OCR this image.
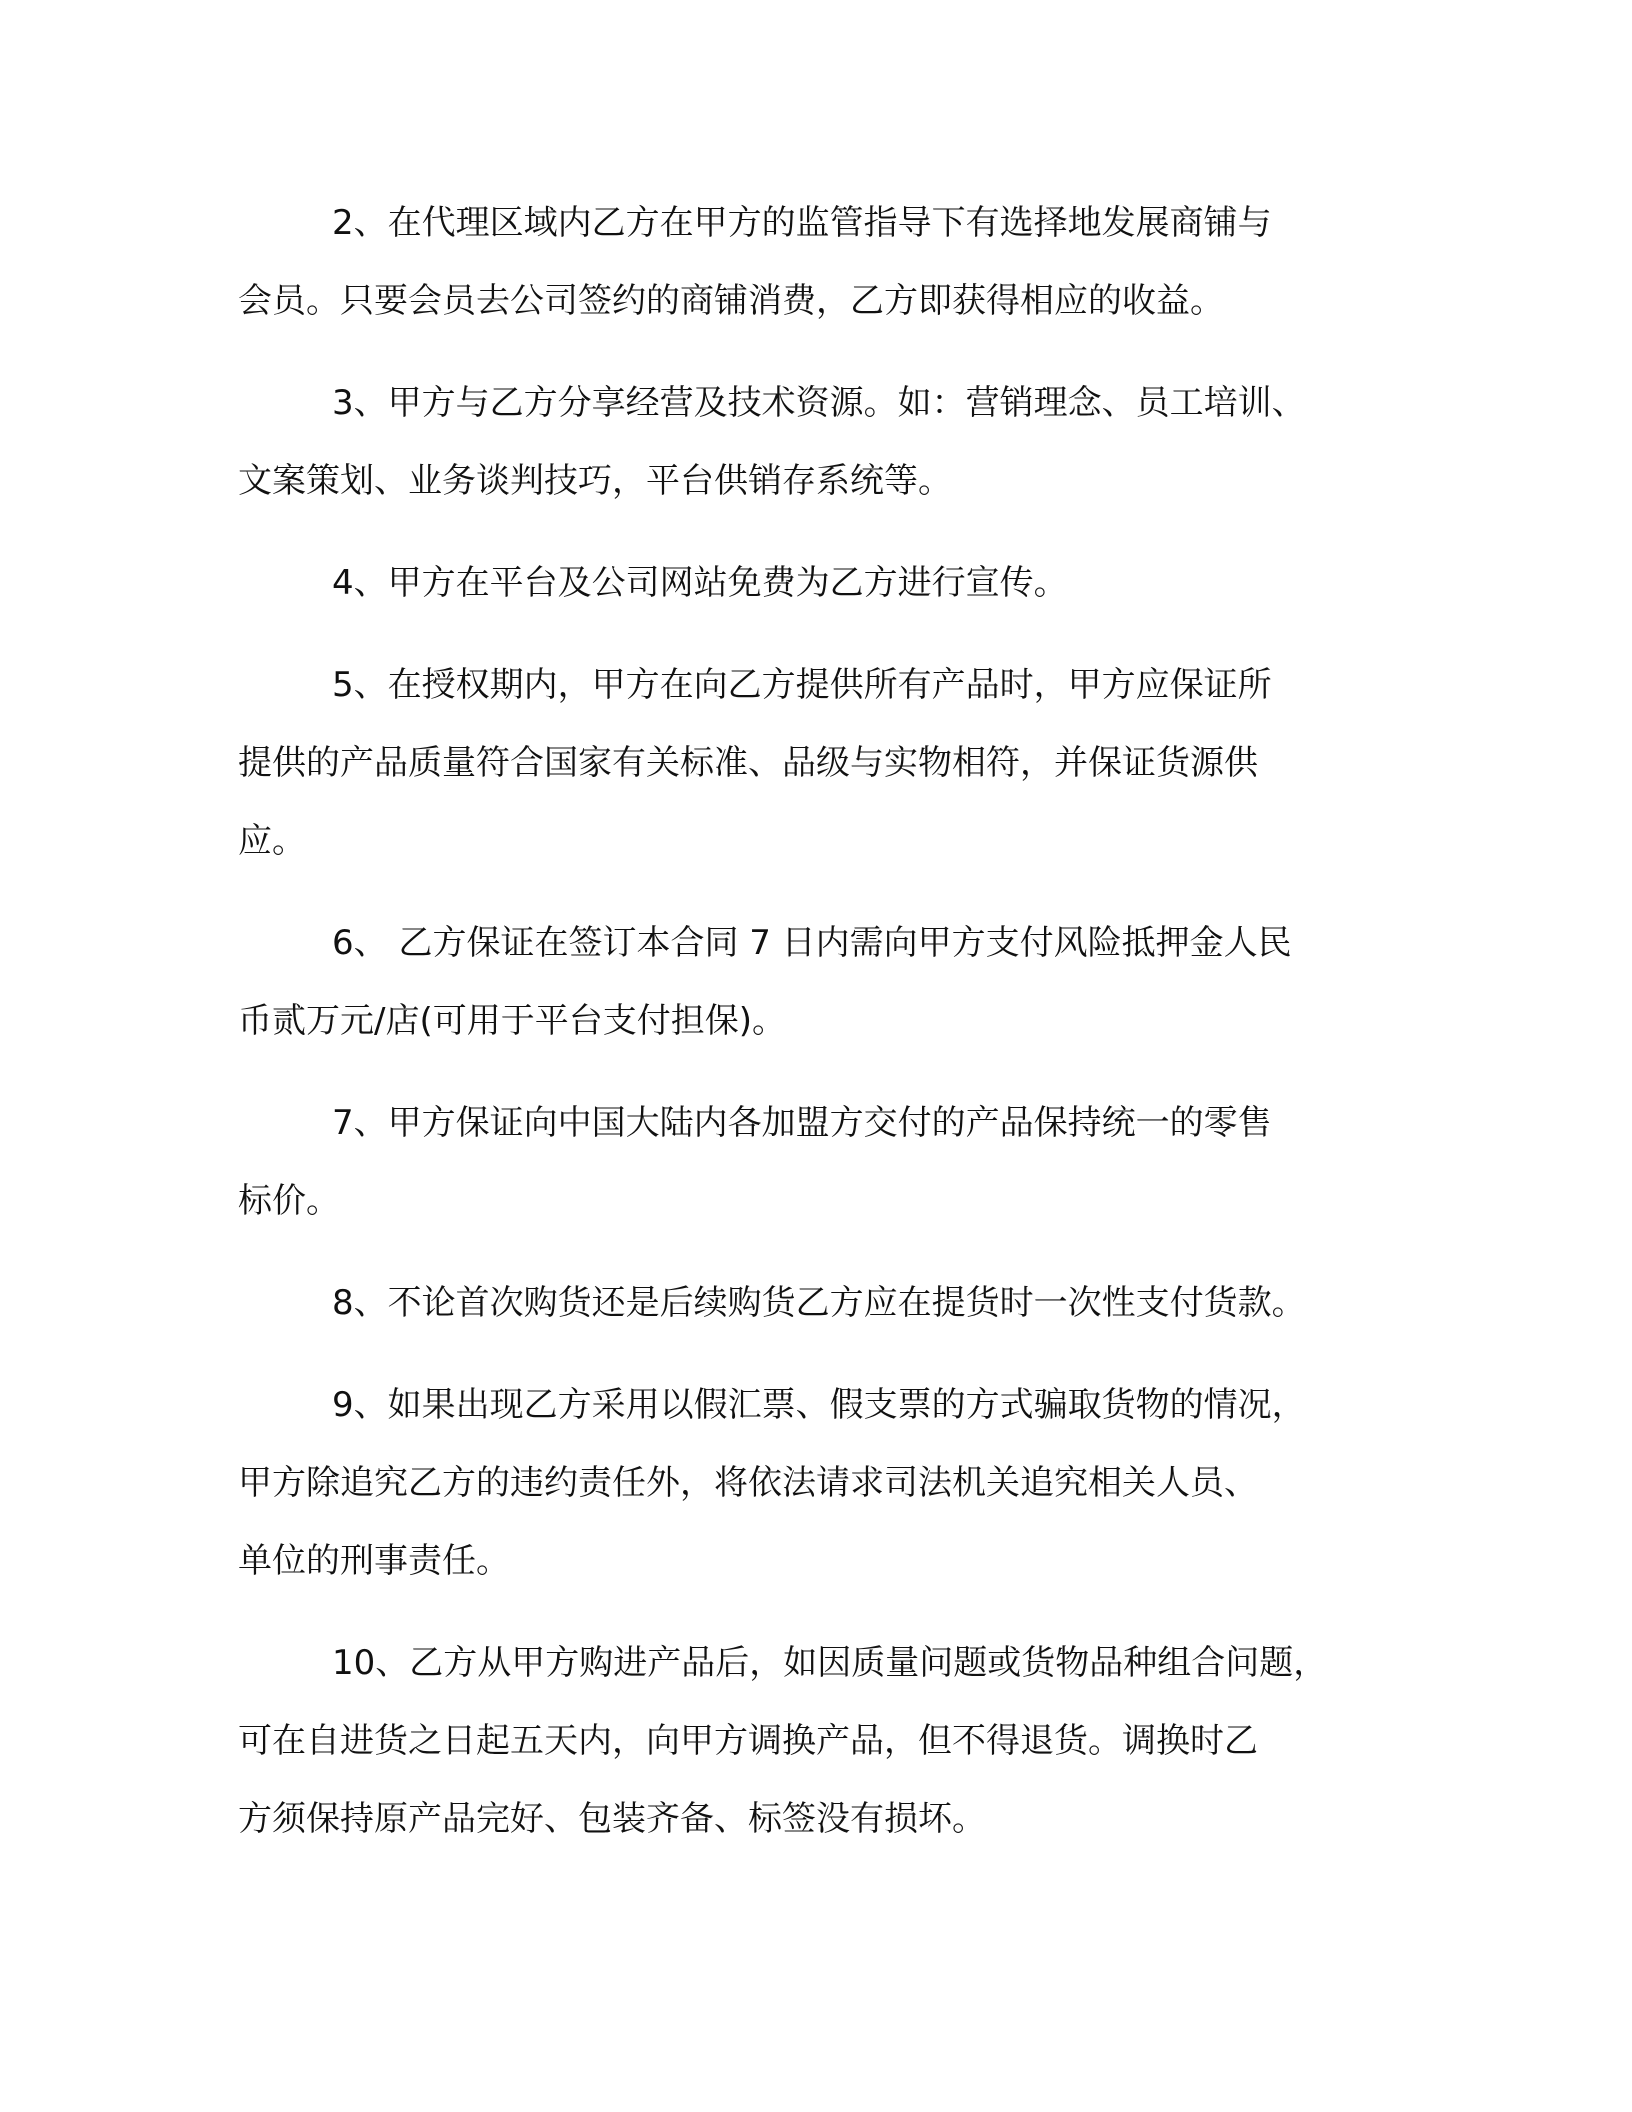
2、在代理区域内乙方在甲方的监管指导下有选择地发展商铺与
会员。只要会员去公司签约的商铺消费，乙方即获得相应的收益。
3、甲方与乙方分享经营及技术资源。如：营销理念、员工培训、
文案策划、业务谈判技巧，平台供销存系统等。
4、甲方在平台及公司网站免费为乙方进行宣传。
5、在授权期内，甲方在向乙方提供所有产品时，甲方应保证所
提供的产品质量符合国家有关标准、品级与实物相符，并保证货源供
应。
6、 乙方保证在签订本合同 7 日内需向甲方支付风险抵押金人民
币贰万元/店(可用于平台支付担保)。
7、甲方保证向中国大陆内各加盟方交付的产品保持统一的零售
标价。
8、不论首次购货还是后续购货乙方应在提货时一次性支付货款。
9、如果出现乙方采用以假汇票、假支票的方式骗取货物的情况，
甲方除追究乙方的违约责任外，将依法请求司法机关追究相关人员、
单位的刑事责任。
10、乙方从甲方购进产品后，如因质量问题或货物品种组合问题，
可在自进货之日起五天内，向甲方调换产品，但不得退货。调换时乙
方须保持原产品完好、包装齐备、标签没有损坏。
